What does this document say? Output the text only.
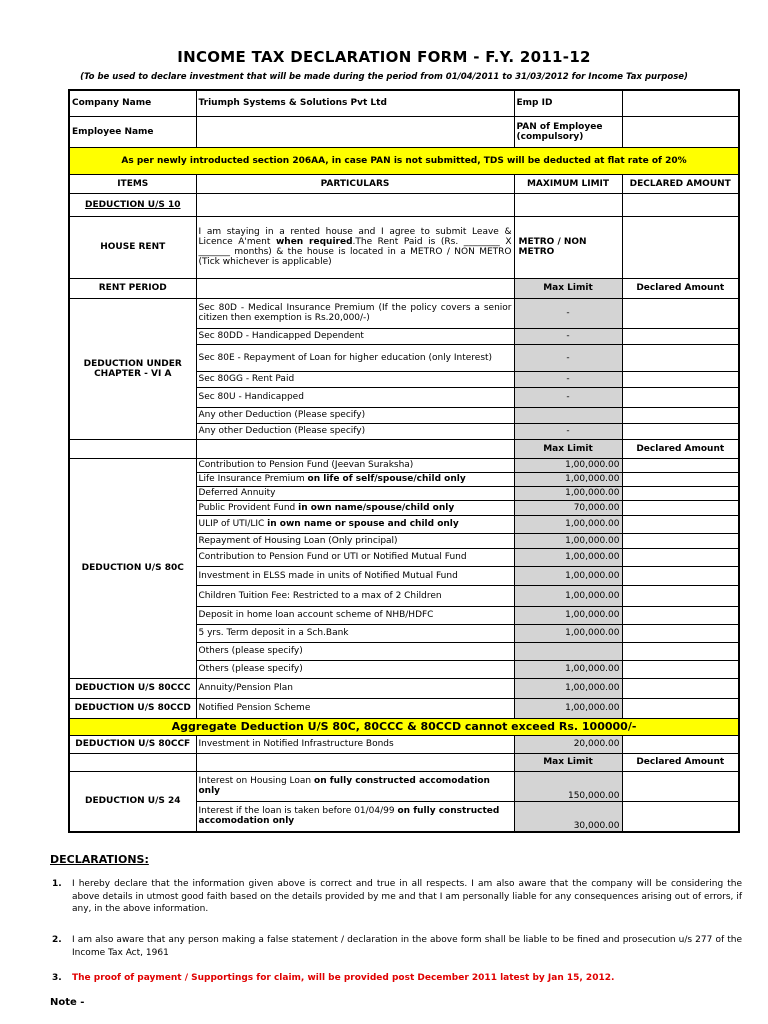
INCOME TAX DECLARATION FORM - F.Y. 2011-12
(To be used to declare investment that will be made during the period from 01/04/2011 to 31/03/2012 for Income Tax purpose)
Company Name	Triumph Systems & Solutions Pvt Ltd	Emp ID	
Employee Name		PAN of Employee (compulsory)	
As per newly introducted section 206AA, in case PAN is not submitted, TDS will be deducted at flat rate of 20%			
ITEMS	PARTICULARS	MAXIMUM LIMIT	DECLARED AMOUNT
DEDUCTION U/S 10			
HOUSE RENT	I am staying in a rented house and I agree to submit Leave & Licence A'ment when required.The Rent Paid is (Rs. ________ X _______ months) & the house is located in a METRO / NON METRO (Tick whichever is applicable)	METRO / NON METRO	
RENT PERIOD		Max Limit	Declared Amount
DEDUCTION UNDER CHAPTER - VI A	Sec 80D - Medical Insurance Premium (If the policy covers a senior citizen then exemption is Rs.20,000/-)	-	
	Sec 80DD - Handicapped Dependent	-	
	Sec 80E - Repayment of Loan for higher education (only Interest)	-	
	Sec 80GG - Rent Paid	-	
	Sec 80U - Handicapped	-	
	Any other Deduction (Please specify)		
	Any other Deduction (Please specify)	-	
		Max Limit	Declared Amount
DEDUCTION U/S 80C	Contribution to Pension Fund (Jeevan Suraksha)	1,00,000.00	
	Life Insurance Premium on life of self/spouse/child only	1,00,000.00	
	Deferred Annuity	1,00,000.00	
	Public Provident Fund in own name/spouse/child only	70,000.00	
	ULIP of UTI/LIC in own name or spouse and child only	1,00,000.00	
	Repayment of Housing Loan (Only principal)	1,00,000.00	
	Contribution to Pension Fund or UTI or Notified Mutual Fund	1,00,000.00	
	Investment in ELSS made in units of Notified Mutual Fund	1,00,000.00	
	Children Tuition Fee: Restricted to a max of 2 Children	1,00,000.00	
	Deposit in home loan account scheme of NHB/HDFC	1,00,000.00	
	5 yrs. Term deposit in a Sch.Bank	1,00,000.00	
	Others (please specify)		
	Others (please specify)	1,00,000.00	
DEDUCTION U/S 80CCC	Annuity/Pension Plan	1,00,000.00	
DEDUCTION U/S 80CCD	Notified Pension Scheme	1,00,000.00	
Aggregate Deduction U/S 80C, 80CCC & 80CCD cannot exceed Rs. 100000/-			
DEDUCTION U/S 80CCF	Investment in Notified Infrastructure Bonds	20,000.00	
		Max Limit	Declared Amount
DEDUCTION U/S 24	Interest on Housing Loan on fully constructed accomodation only	150,000.00	
	Interest if the loan is taken before 01/04/99 on fully constructed accomodation only	30,000.00	
DECLARATIONS:
1. I hereby declare that the information given above is correct and true in all respects. I am also aware that the company will be considering the above details in utmost good faith based on the details provided by me and that I am personally liable for any consequences arising out of errors, if any, in the above information.
2. I am also aware that any person making a false statement / declaration in the above form shall be liable to be fined and prosecution u/s 277 of the Income Tax Act, 1961
3. The proof of payment / Supportings for claim, will be provided post December 2011 latest by Jan 15, 2012.
Note -
